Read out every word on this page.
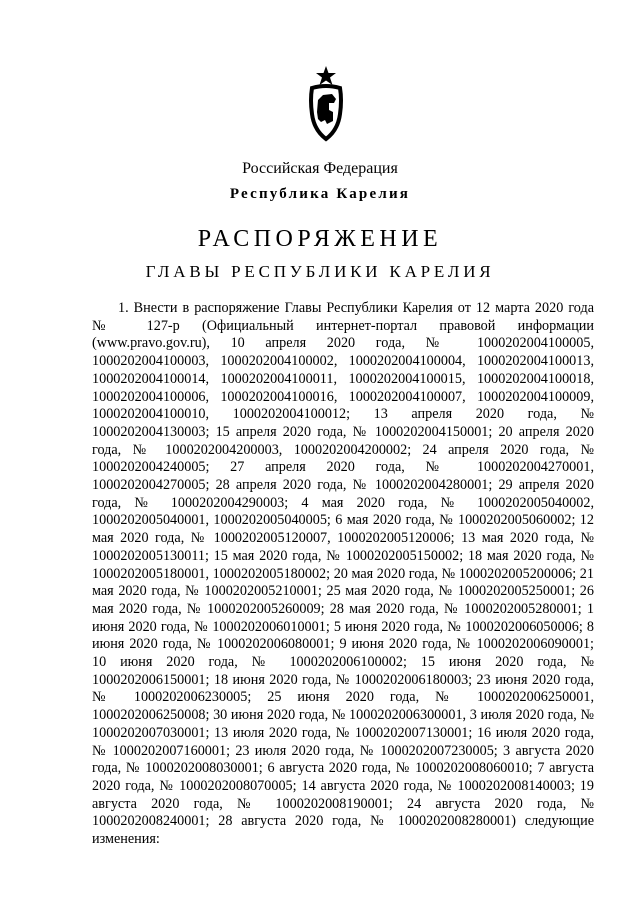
Российская Федерация
Республика Карелия
РАСПОРЯЖЕНИЕ
ГЛАВЫ РЕСПУБЛИКИ КАРЕЛИЯ

1. Внести в распоряжение Главы Республики Карелия от 12 марта 2020 года № 127-р (Официальный интернет-портал правовой информации (www.pravo.gov.ru), 10 апреля 2020 года, № 1000202004100005, 1000202004100003, 1000202004100002, 1000202004100004, 1000202004100013, 1000202004100014, 1000202004100011, 1000202004100015, 1000202004100018, 1000202004100006, 1000202004100016, 1000202004100007, 1000202004100009, 1000202004100010, 1000202004100012; 13 апреля 2020 года, № 1000202004130003; 15 апреля 2020 года, № 1000202004150001; 20 апреля 2020 года, № 1000202004200003, 1000202004200002; 24 апреля 2020 года, № 1000202004240005; 27 апреля 2020 года, № 1000202004270001, 1000202004270005; 28 апреля 2020 года, № 1000202004280001; 29 апреля 2020 года, № 1000202004290003; 4 мая 2020 года, № 1000202005040002, 1000202005040001, 1000202005040005; 6 мая 2020 года, № 1000202005060002; 12 мая 2020 года, № 1000202005120007, 1000202005120006; 13 мая 2020 года, № 1000202005130011; 15 мая 2020 года, № 1000202005150002; 18 мая 2020 года, № 1000202005180001, 1000202005180002; 20 мая 2020 года, № 1000202005200006; 21 мая 2020 года, № 1000202005210001; 25 мая 2020 года, № 1000202005250001; 26 мая 2020 года, № 1000202005260009; 28 мая 2020 года, № 1000202005280001; 1 июня 2020 года, № 1000202006010001; 5 июня 2020 года, № 1000202006050006; 8 июня 2020 года, № 1000202006080001; 9 июня 2020 года, № 1000202006090001; 10 июня 2020 года, № 1000202006100002; 15 июня 2020 года, № 1000202006150001; 18 июня 2020 года, № 1000202006180003; 23 июня 2020 года, № 1000202006230005; 25 июня 2020 года, № 1000202006250001, 1000202006250008; 30 июня 2020 года, № 1000202006300001, 3 июля 2020 года, № 1000202007030001; 13 июля 2020 года, № 1000202007130001; 16 июля 2020 года, № 1000202007160001; 23 июля 2020 года, № 1000202007230005; 3 августа 2020 года, № 1000202008030001; 6 августа 2020 года, № 1000202008060010; 7 августа 2020 года, № 1000202008070005; 14 августа 2020 года, № 1000202008140003; 19 августа 2020 года, № 1000202008190001; 24 августа 2020 года, № 1000202008240001; 28 августа 2020 года, № 1000202008280001) следующие изменения:
